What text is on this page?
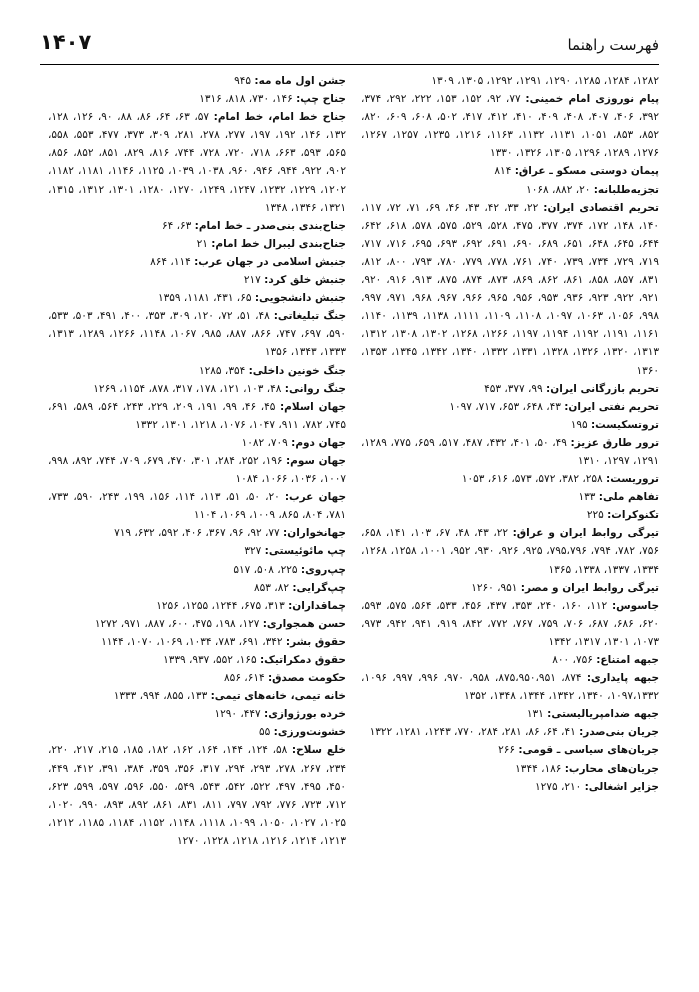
فهرست راهنما
۱۴۰۷
۱۲۸۲، ۱۲۸۴، ۱۲۸۵، ۱۲۹۰، ۱۲۹۱، ۱۲۹۲، ۱۳۰۵، ۱۳۰۹
پیام نوروزی امام خمینی: ۷۷، ۹۲، ۱۵۲، ۱۵۳، ۲۲۲، ۲۹۲، ۳۷۴، ۳۹۲، ۴۰۶، ۴۰۷، ۴۰۸، ۴۰۹، ۴۱۰، ۴۱۲، ۴۱۷، ۵۰۲، ۶۰۸، ۶۰۹، ۸۲۰، ۸۵۲، ۸۵۳، ۱۰۵۱، ۱۱۳۱، ۱۱۳۲، ۱۱۶۳، ۱۲۱۶، ۱۲۳۵، ۱۲۵۷، ۱۲۶۷، ۱۲۷۶، ۱۲۸۹، ۱۲۹۶، ۱۳۰۵، ۱۳۲۶، ۱۳۳۰
پیمان دوستی مسکو ـ عراق: ۸۱۴
تجزیه‌طلبانه: ۲۰، ۸۸۲، ۱۰۶۸
تحریم اقتصادی ایران: ۲۲، ۳۳، ۴۲، ۴۳، ۴۶، ۶۹، ۷۱، ۷۲، ۱۱۷، ۱۴۰، ۱۴۸، ۱۷۲، ۳۷۴، ۳۷۷، ۴۷۵، ۵۲۸، ۵۲۹، ۵۷۵، ۵۷۸، ۶۱۸، ۶۴۲، ۶۴۴، ۶۴۵، ۶۴۸، ۶۵۱، ۶۸۹، ۶۹۰، ۶۹۱، ۶۹۲، ۶۹۳، ۶۹۵، ۷۱۶، ۷۱۷، ۷۱۹، ۷۲۹، ۷۳۴، ۷۳۹، ۷۴۰، ۷۶۱، ۷۷۸، ۷۷۹، ۷۸۰، ۷۹۳، ۸۰۰، ۸۱۲، ۸۳۱، ۸۵۷، ۸۵۸، ۸۶۱، ۸۶۲، ۸۶۹، ۸۷۳، ۸۷۴، ۸۷۵، ۹۱۳، ۹۱۶، ۹۲۰، ۹۲۱، ۹۲۲، ۹۲۳، ۹۳۶، ۹۵۳، ۹۵۶، ۹۶۵، ۹۶۶، ۹۶۷، ۹۶۸، ۹۷۱، ۹۹۷، ۹۹۸، ۱۰۵۶، ۱۰۶۳، ۱۰۹۷، ۱۱۰۸، ۱۱۰۹، ۱۱۱۱، ۱۱۳۸، ۱۱۳۹، ۱۱۴۰، ۱۱۶۱، ۱۱۹۱، ۱۱۹۲، ۱۱۹۴، ۱۱۹۷، ۱۲۶۶، ۱۲۶۸، ۱۳۰۲، ۱۳۰۸، ۱۳۱۲، ۱۳۱۳، ۱۳۲۰، ۱۳۲۶، ۱۳۲۸، ۱۳۳۱، ۱۳۳۲، ۱۳۴۰، ۱۳۴۲، ۱۳۴۵، ۱۳۵۳، ۱۳۶۰
تحریم بازرگانی ایران: ۹۹، ۳۷۷، ۴۵۳
تحریم نفتی ایران: ۴۳، ۶۴۸، ۶۵۳، ۷۱۷، ۱۰۹۷
تروتسکیست: ۱۹۵
ترور طارق عزیز: ۴۹، ۵۰، ۴۰۱، ۴۳۲، ۴۸۷، ۵۱۷، ۶۵۹، ۷۷۵، ۱۲۸۹، ۱۲۹۱، ۱۲۹۷، ۱۳۱۰
تروریست: ۲۵۸، ۳۸۲، ۵۷۲، ۵۷۳، ۶۱۶، ۱۰۵۳
تفاهم ملی: ۱۳۳
تکنوکرات: ۲۲۵
تیرگی روابط ایران و عراق: ۲۲، ۴۳، ۴۸، ۶۷، ۱۰۳، ۱۴۱، ۶۵۸، ۷۵۶، ۷۸۲، ۷۹۴، ۷۹۵،۷۹۶، ۹۲۵، ۹۲۶، ۹۳۰، ۹۵۲، ۱۰۰۱، ۱۲۵۸، ۱۲۶۸، ۱۳۳۴، ۱۳۳۷، ۱۳۳۸، ۱۳۶۵
تیرگی روابط ایران و مصر: ۹۵۱، ۱۲۶۰
جاسوس: ۱۱۲، ۱۶۰، ۲۴۰، ۳۵۳، ۴۳۷، ۴۵۶، ۵۳۳، ۵۶۴، ۵۷۵، ۵۹۳، ۶۲۰، ۶۸۶، ۶۸۷، ۷۰۶، ۷۵۹، ۷۶۷، ۷۷۲، ۸۴۲، ۹۱۹، ۹۴۱، ۹۴۲، ۹۷۳، ۱۰۷۳، ۱۳۰۱، ۱۳۱۷، ۱۳۴۲
جبهه امتناع: ۷۵۶، ۸۰۰
جبهه پایداری: ۸۷۴، ۸۷۵،۹۵۰،۹۵۱، ۹۵۸، ۹۷۰، ۹۹۶، ۹۹۷، ۱۰۹۶، ۱۰۹۷،۱۳۳۲، ۱۳۴۰، ۱۳۴۲، ۱۳۴۴، ۱۳۴۸، ۱۳۵۲
جبهه ضدامپریالیستی: ۱۳۱
جریان بنی‌صدر: ۴۱، ۶۴، ۸۶، ۲۸۱، ۲۸۴، ۷۷۰، ۱۲۴۳، ۱۲۸۱، ۱۳۲۲
جریان‌های سیاسی ـ قومی: ۲۶۶
جریان‌های محارب: ۱۸۶، ۱۳۴۴
جزایر اشغالی: ۲۱۰، ۱۲۷۵
جشن اول ماه مه: ۹۴۵
جناح چپ: ۱۴۶، ۷۳۰، ۸۱۸، ۱۳۱۶
جناح خط امام، خط امام: ۵۷، ۶۳، ۶۴، ۸۶، ۸۸، ۹۰، ۱۲۶، ۱۲۸، ۱۳۲، ۱۴۶، ۱۹۲، ۱۹۷، ۲۷۷، ۲۷۸، ۲۸۱، ۳۰۹، ۳۷۳، ۴۷۷، ۵۵۳، ۵۵۸، ۵۶۵، ۵۹۳، ۶۶۳، ۷۱۸، ۷۲۰، ۷۲۸، ۷۴۴، ۸۱۶، ۸۲۹، ۸۵۱، ۸۵۲، ۸۵۶، ۹۰۲، ۹۲۲، ۹۴۴، ۹۴۶، ۹۶۰، ۱۰۳۸، ۱۰۳۹، ۱۱۲۵، ۱۱۴۶، ۱۱۸۱، ۱۱۸۲، ۱۲۰۲، ۱۲۲۹، ۱۲۳۲، ۱۲۴۷، ۱۲۴۹، ۱۲۷۰، ۱۲۸۰، ۱۳۰۱، ۱۳۱۲، ۱۳۱۵، ۱۳۲۱، ۱۳۴۶، ۱۳۴۸
جناح‌بندی بنی‌صدر ـ خط امام: ۶۳، ۶۴
جناح‌بندی لیبرال خط امام: ۲۱
جنبش اسلامی در جهان عرب: ۱۱۴، ۸۶۴
جنبش خلق کرد: ۲۱۷
جنبش دانشجویی: ۶۵، ۴۳۱، ۱۱۸۱، ۱۳۵۹
جنگ تبلیغاتی: ۴۸، ۵۱، ۷۲، ۱۲۰، ۳۰۹، ۳۵۳، ۴۰۰، ۴۹۱، ۵۰۳، ۵۳۳، ۵۹۰، ۶۹۷، ۷۴۷، ۸۶۶، ۸۸۷، ۹۸۵، ۱۰۶۷، ۱۱۴۸، ۱۲۶۶، ۱۲۸۹، ۱۳۱۳، ۱۳۳۳، ۱۳۴۳، ۱۳۵۶
جنگ خونین داخلی: ۳۵۴، ۱۲۸۵
جنگ روانی: ۴۸، ۱۰۳، ۱۲۱، ۱۷۸، ۳۱۷، ۸۷۸، ۱۱۵۴، ۱۲۶۹
جهان اسلام: ۴۵، ۴۶، ۹۹، ۱۹۱، ۲۰۹، ۲۲۹، ۲۴۳، ۵۶۴، ۵۸۹، ۶۹۱، ۷۴۵، ۷۸۲، ۹۱۱، ۱۰۴۷، ۱۰۷۶، ۱۲۱۸، ۱۳۰۱، ۱۳۳۲
جهان دوم: ۷۰۹، ۱۰۸۲
جهان سوم: ۱۹۶، ۲۵۲، ۲۸۴، ۳۰۱، ۴۷۰، ۶۷۹، ۷۰۹، ۷۴۴، ۸۹۲، ۹۹۸، ۱۰۰۷، ۱۰۳۶، ۱۰۶۶، ۱۰۸۴
جهان عرب: ۲۰، ۵۰، ۵۱، ۱۱۳، ۱۱۴، ۱۵۶، ۱۹۹، ۲۴۳، ۵۹۰، ۷۳۳، ۷۸۱، ۸۰۴، ۸۶۵، ۱۰۰۹، ۱۰۶۹، ۱۱۰۴
جهانخواران: ۷۷، ۹۲، ۹۶، ۳۶۷، ۴۰۶، ۵۹۲، ۶۳۲، ۷۱۹
چپ مائوئیستی: ۳۲۷
چپ‌روی: ۲۲۵، ۵۰۸، ۵۱۷
چپ‌گرایی: ۸۲، ۸۵۳
چماقداران: ۳۱۳، ۶۷۵، ۱۲۴۴، ۱۲۵۵، ۱۲۵۶
حسن همجواری: ۱۲۷، ۱۹۸، ۴۷۵، ۶۰۰، ۸۸۷، ۹۷۱، ۱۲۷۲
حقوق بشر: ۳۴۲، ۶۹۱، ۷۸۳، ۱۰۳۴، ۱۰۶۹، ۱۰۷۰، ۱۱۴۴
حقوق دمکراتیک: ۱۶۵، ۵۵۲، ۹۳۷، ۱۳۳۹
حکومت مصدق: ۶۱۴، ۸۵۶
خانه تیمی، خانه‌های تیمی: ۱۳۳، ۸۵۵، ۹۹۴، ۱۳۳۳
خرده بورژوازی: ۴۴۷، ۱۲۹۰
خشونت‌ورزی: ۵۵
خلع سلاح: ۵۸، ۱۲۴، ۱۴۴، ۱۶۴، ۱۶۲، ۱۸۲، ۱۸۵، ۲۱۵، ۲۱۷، ۲۲۰، ۲۳۴، ۲۶۷، ۲۷۸، ۲۹۳، ۲۹۴، ۳۱۷، ۳۵۶، ۳۵۹، ۳۸۴، ۳۹۱، ۴۱۲، ۴۴۹، ۴۵۰، ۴۹۵، ۴۹۷، ۵۲۲، ۵۴۲، ۵۴۳، ۵۴۹، ۵۵۰، ۵۹۶، ۵۹۷، ۵۹۹، ۶۲۳، ۷۱۲، ۷۲۳، ۷۷۶، ۷۹۲، ۷۹۷، ۸۱۱، ۸۳۱، ۸۶۱، ۸۹۲، ۸۹۳، ۹۹۰، ۱۰۲۰، ۱۰۲۵، ۱۰۲۷، ۱۰۵۰، ۱۰۹۹، ۱۱۱۸، ۱۱۴۸، ۱۱۵۲، ۱۱۸۴، ۱۱۸۵، ۱۲۱۲، ۱۲۱۳، ۱۲۱۴، ۱۲۱۶، ۱۲۱۸، ۱۲۲۸، ۱۲۷۰
